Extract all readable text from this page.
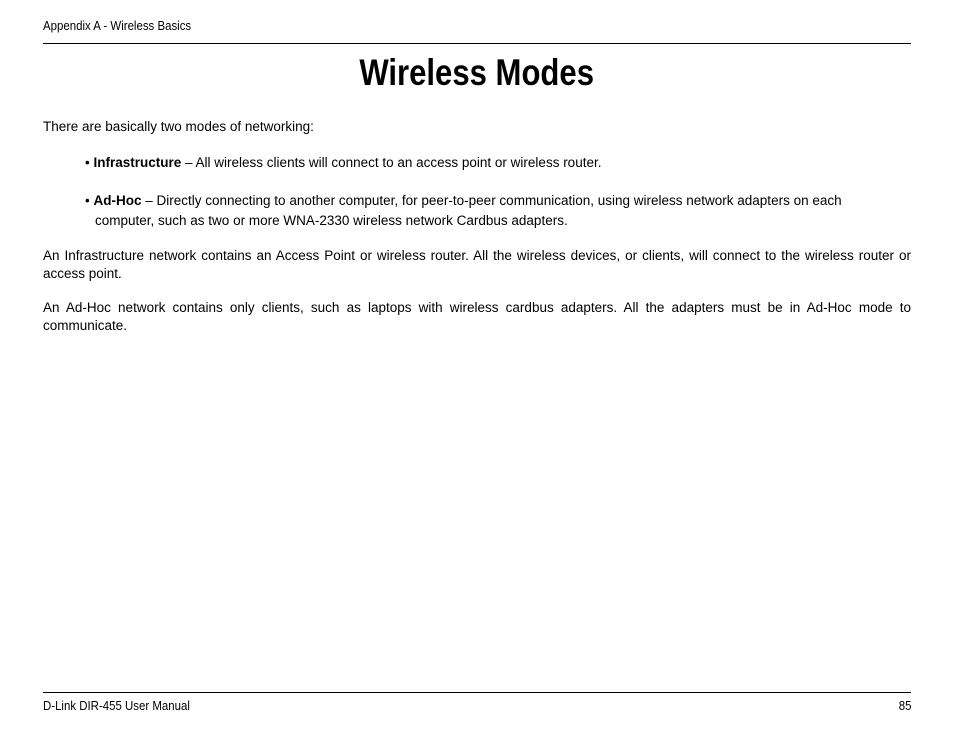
Appendix A - Wireless Basics
Wireless Modes

There are basically two modes of networking:

• Infrastructure – All wireless clients will connect to an access point or wireless router.

• Ad-Hoc – Directly connecting to another computer, for peer-to-peer communication, using wireless network adapters on each computer, such as two or more WNA-2330 wireless network Cardbus adapters.

An Infrastructure network contains an Access Point or wireless router. All the wireless devices, or clients, will connect to the wireless router or access point.

An Ad-Hoc network contains only clients, such as laptops with wireless cardbus adapters. All the adapters must be in Ad-Hoc mode to communicate.

D-Link DIR-455 User Manual	85
